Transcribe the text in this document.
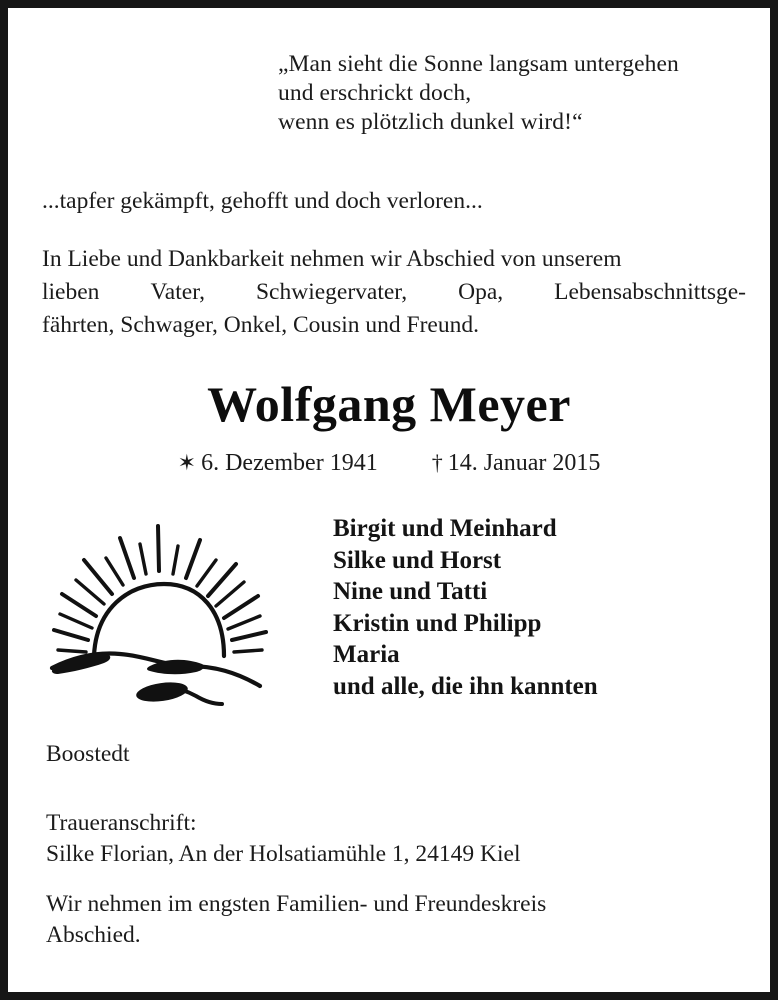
„Man sieht die Sonne langsam untergehen
und erschrickt doch,
wenn es plötzlich dunkel wird!“
...tapfer gekämpft, gehofft und doch verloren...
In Liebe und Dankbarkeit nehmen wir Abschied von unserem
lieben Vater, Schwiegervater, Opa, Lebensabschnittsge-
fährten, Schwager, Onkel, Cousin und Freund.
Wolfgang Meyer
✶ 6. Dezember 1941 † 14. Januar 2015
Birgit und Meinhard
Silke und Horst
Nine und Tatti
Kristin und Philipp
Maria
und alle, die ihn kannten
Boostedt
Traueranschrift:
Silke Florian, An der Holsatiamühle 1, 24149 Kiel
Wir nehmen im engsten Familien- und Freundeskreis
Abschied.
